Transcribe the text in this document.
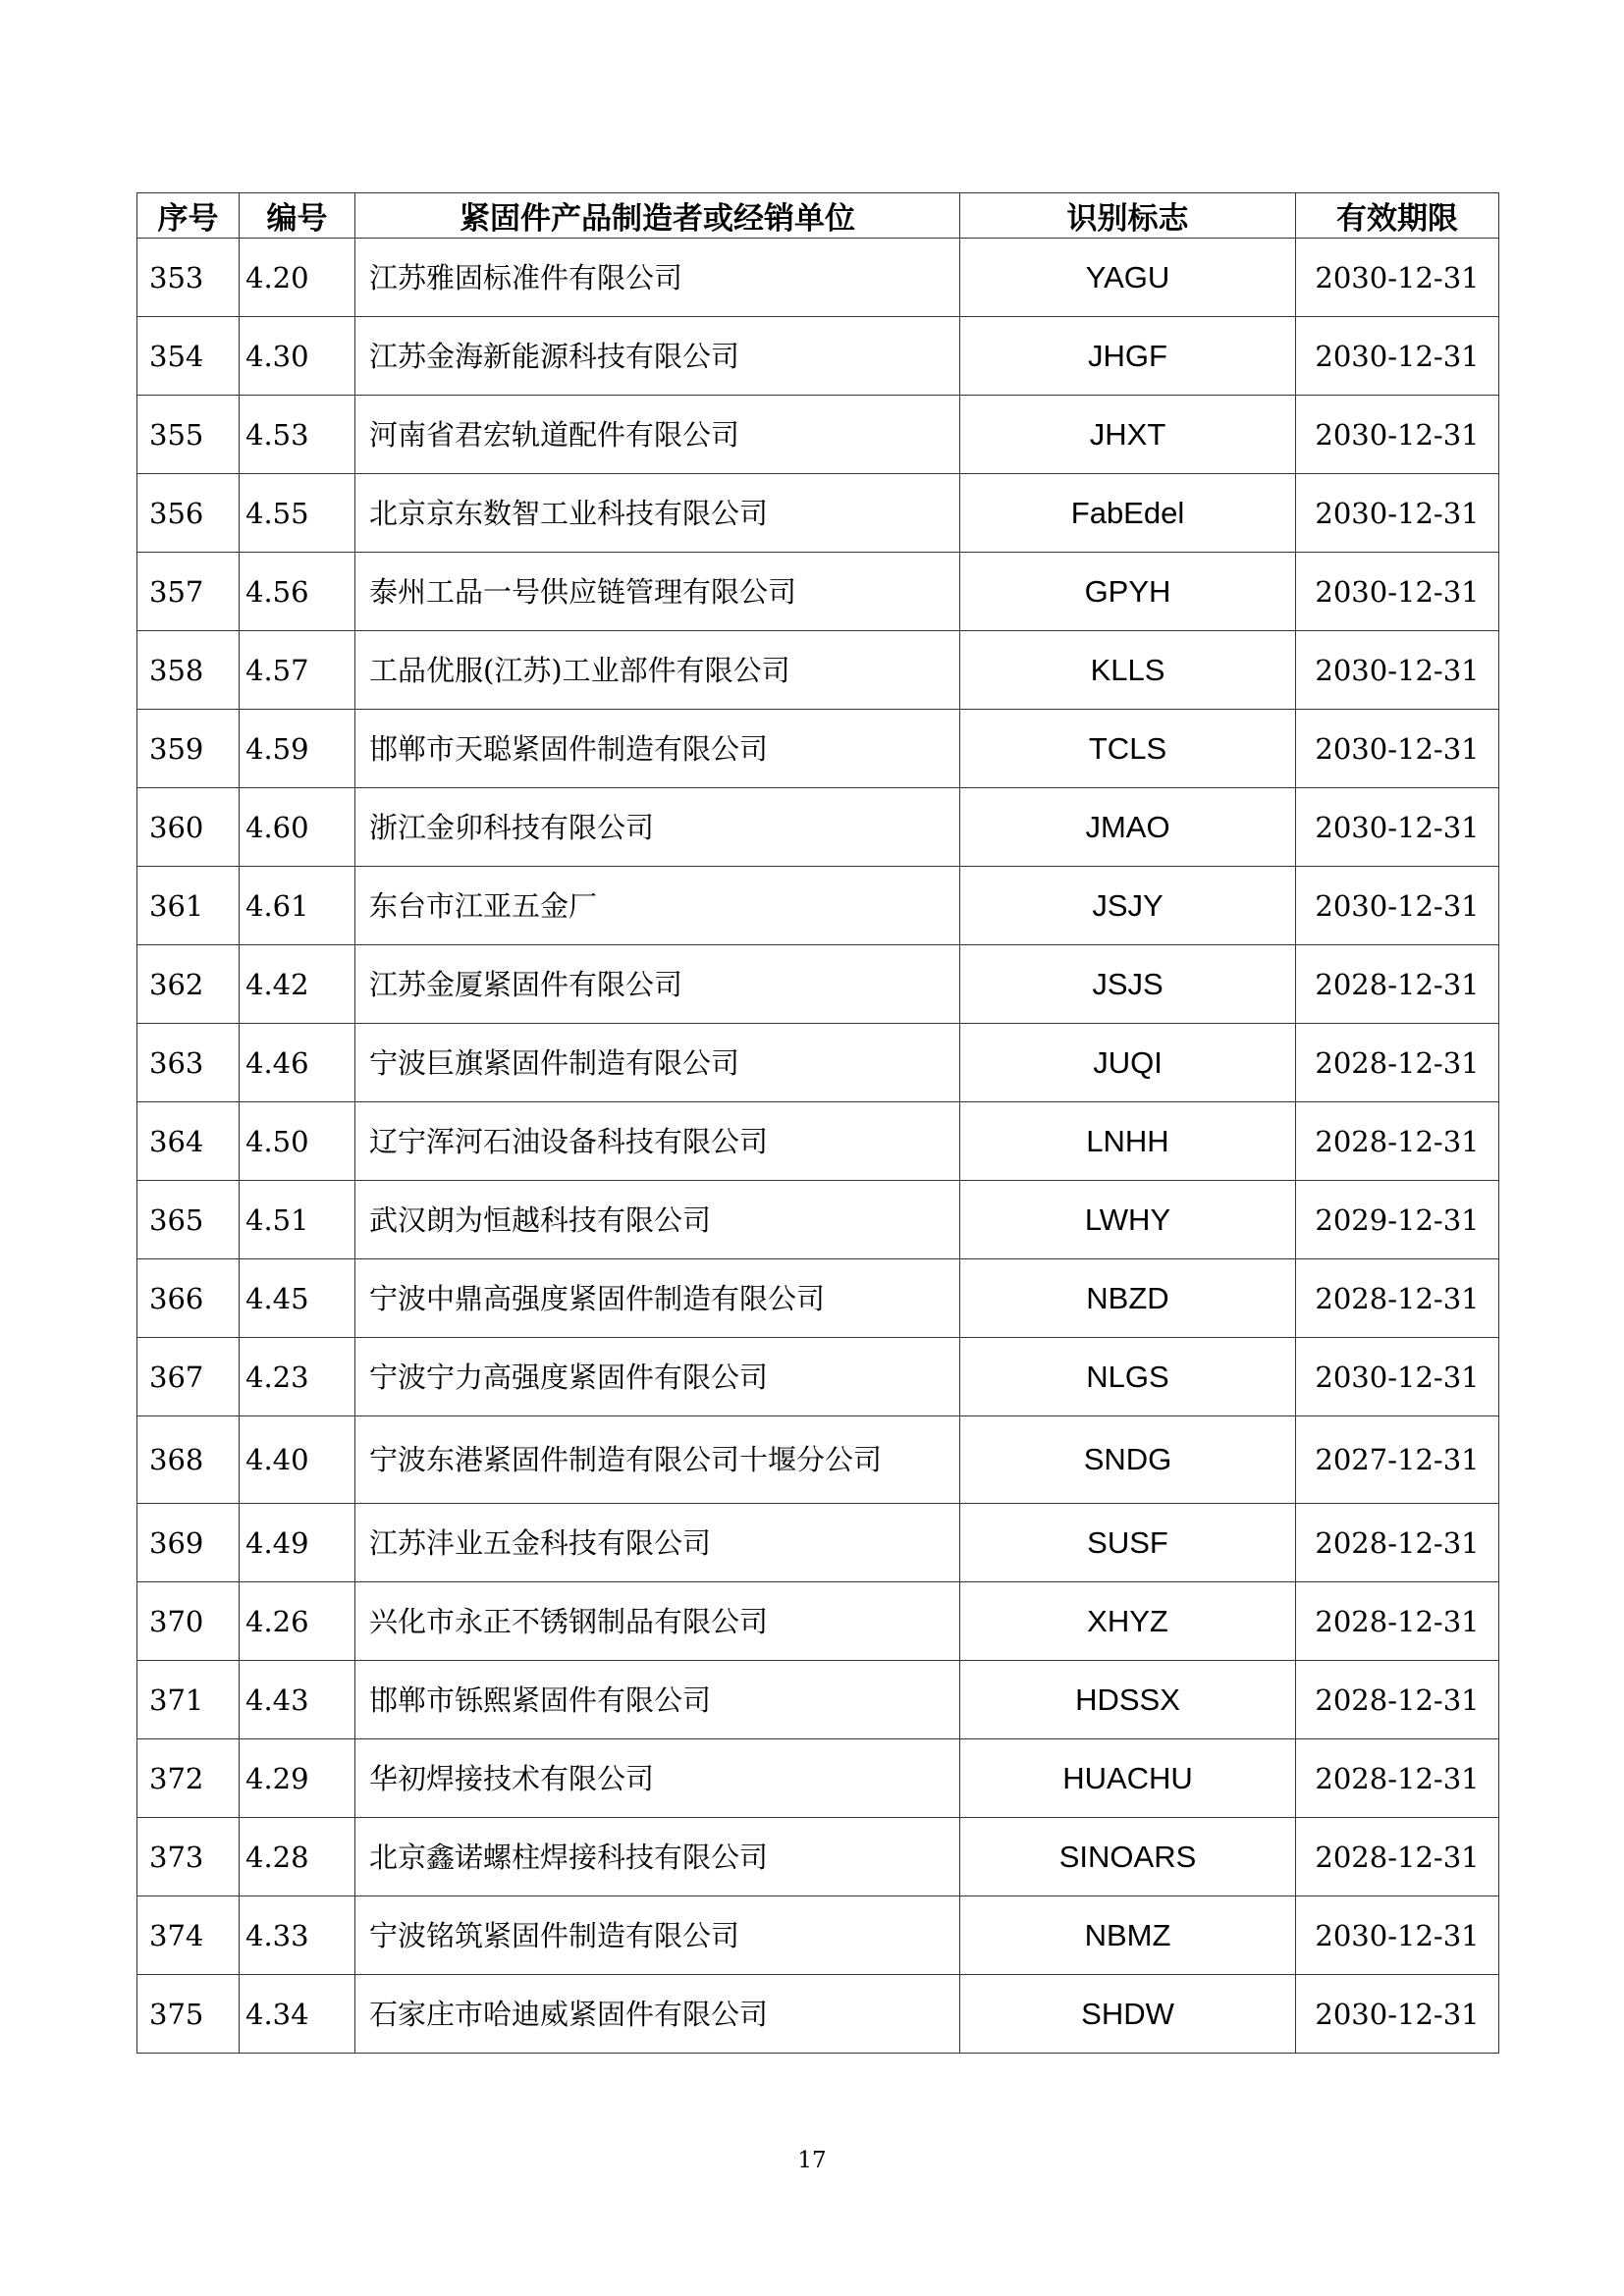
序号	编号	紧固件产品制造者或经销单位	识别标志	有效期限
353	4.20	江苏雅固标准件有限公司	YAGU	2030-12-31
354	4.30	江苏金海新能源科技有限公司	JHGF	2030-12-31
355	4.53	河南省君宏轨道配件有限公司	JHXT	2030-12-31
356	4.55	北京京东数智工业科技有限公司	FabEdel	2030-12-31
357	4.56	泰州工品一号供应链管理有限公司	GPYH	2030-12-31
358	4.57	工品优服(江苏)工业部件有限公司	KLLS	2030-12-31
359	4.59	邯郸市天聪紧固件制造有限公司	TCLS	2030-12-31
360	4.60	浙江金卯科技有限公司	JMAO	2030-12-31
361	4.61	东台市江亚五金厂	JSJY	2030-12-31
362	4.42	江苏金厦紧固件有限公司	JSJS	2028-12-31
363	4.46	宁波巨旗紧固件制造有限公司	JUQI	2028-12-31
364	4.50	辽宁浑河石油设备科技有限公司	LNHH	2028-12-31
365	4.51	武汉朗为恒越科技有限公司	LWHY	2029-12-31
366	4.45	宁波中鼎高强度紧固件制造有限公司	NBZD	2028-12-31
367	4.23	宁波宁力高强度紧固件有限公司	NLGS	2030-12-31
368	4.40	宁波东港紧固件制造有限公司十堰分公司	SNDG	2027-12-31
369	4.49	江苏沣业五金科技有限公司	SUSF	2028-12-31
370	4.26	兴化市永正不锈钢制品有限公司	XHYZ	2028-12-31
371	4.43	邯郸市铄熙紧固件有限公司	HDSSX	2028-12-31
372	4.29	华初焊接技术有限公司	HUACHU	2028-12-31
373	4.28	北京鑫诺螺柱焊接科技有限公司	SINOARS	2028-12-31
374	4.33	宁波铭筑紧固件制造有限公司	NBMZ	2030-12-31
375	4.34	石家庄市哈迪威紧固件有限公司	SHDW	2030-12-31
17
